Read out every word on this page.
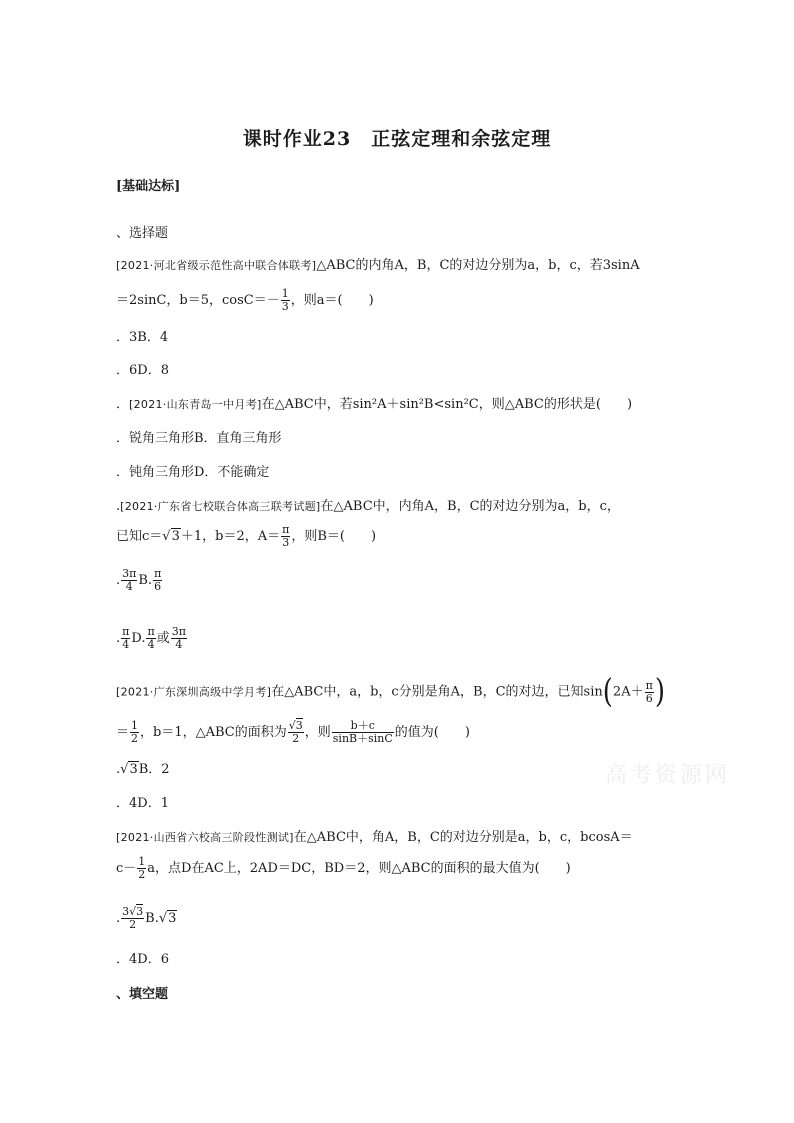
课时作业23　正弦定理和余弦定理
[基础达标]
、选择题
[2021·河北省级示范性高中联合体联考]△ABC的内角A，B，C的对边分别为a，b，c，若3sinA
＝2sinC，b＝5，$\cos C=- \frac{1}{3}$ ，则a＝(　　)
．3B．4
．6D．8
．[2021·山东青岛一中月考]在△ABC中，若sin²A＋sin²B<sin²C，则△ABC的形状是(　　)
．锐角三角形B．直角三角形
．钝角三角形D．不能确定
.[2021·广东省七校联合体高三联考试题]在△ABC中，内角A，B，C的对边分别为a，b，c，
已知c＝√3＋1，b＝2，$A= \frac{\pi}{3}$ ，则B＝(　　)
. $\frac{3\pi}{4} B$. $\frac{\pi}{6}$
. $\frac{\pi}{4} D$. $\frac{\pi}{4}$ 或 $\frac{3\pi}{4}$
[2021·广东深圳高级中学月考]在△ABC中，a，b，c分别是角A，B，C的对边，已知$\sin(2A+ \frac{\pi}{6}$ )
＝ $\frac{1}{2}$ ，b＝1，△ABC的面积为 $\frac{√3}{2}$ ，则 $\frac{b+c}{\sin B+\sin C}$ 的值为(　　)
.√3B．2
．4D．1
高考资源网
[2021·山西省六校高三阶段性测试]在△ABC中，角A，B，C的对边分别是a，b，c，bcosA＝
$c- \frac{1}{2}$ a，点D在AC上，2AD＝DC，BD＝2，则△ABC的面积的最大值为(　　)
. $\frac{3√3}{2} B.√3$
．4D．6
、填空题
